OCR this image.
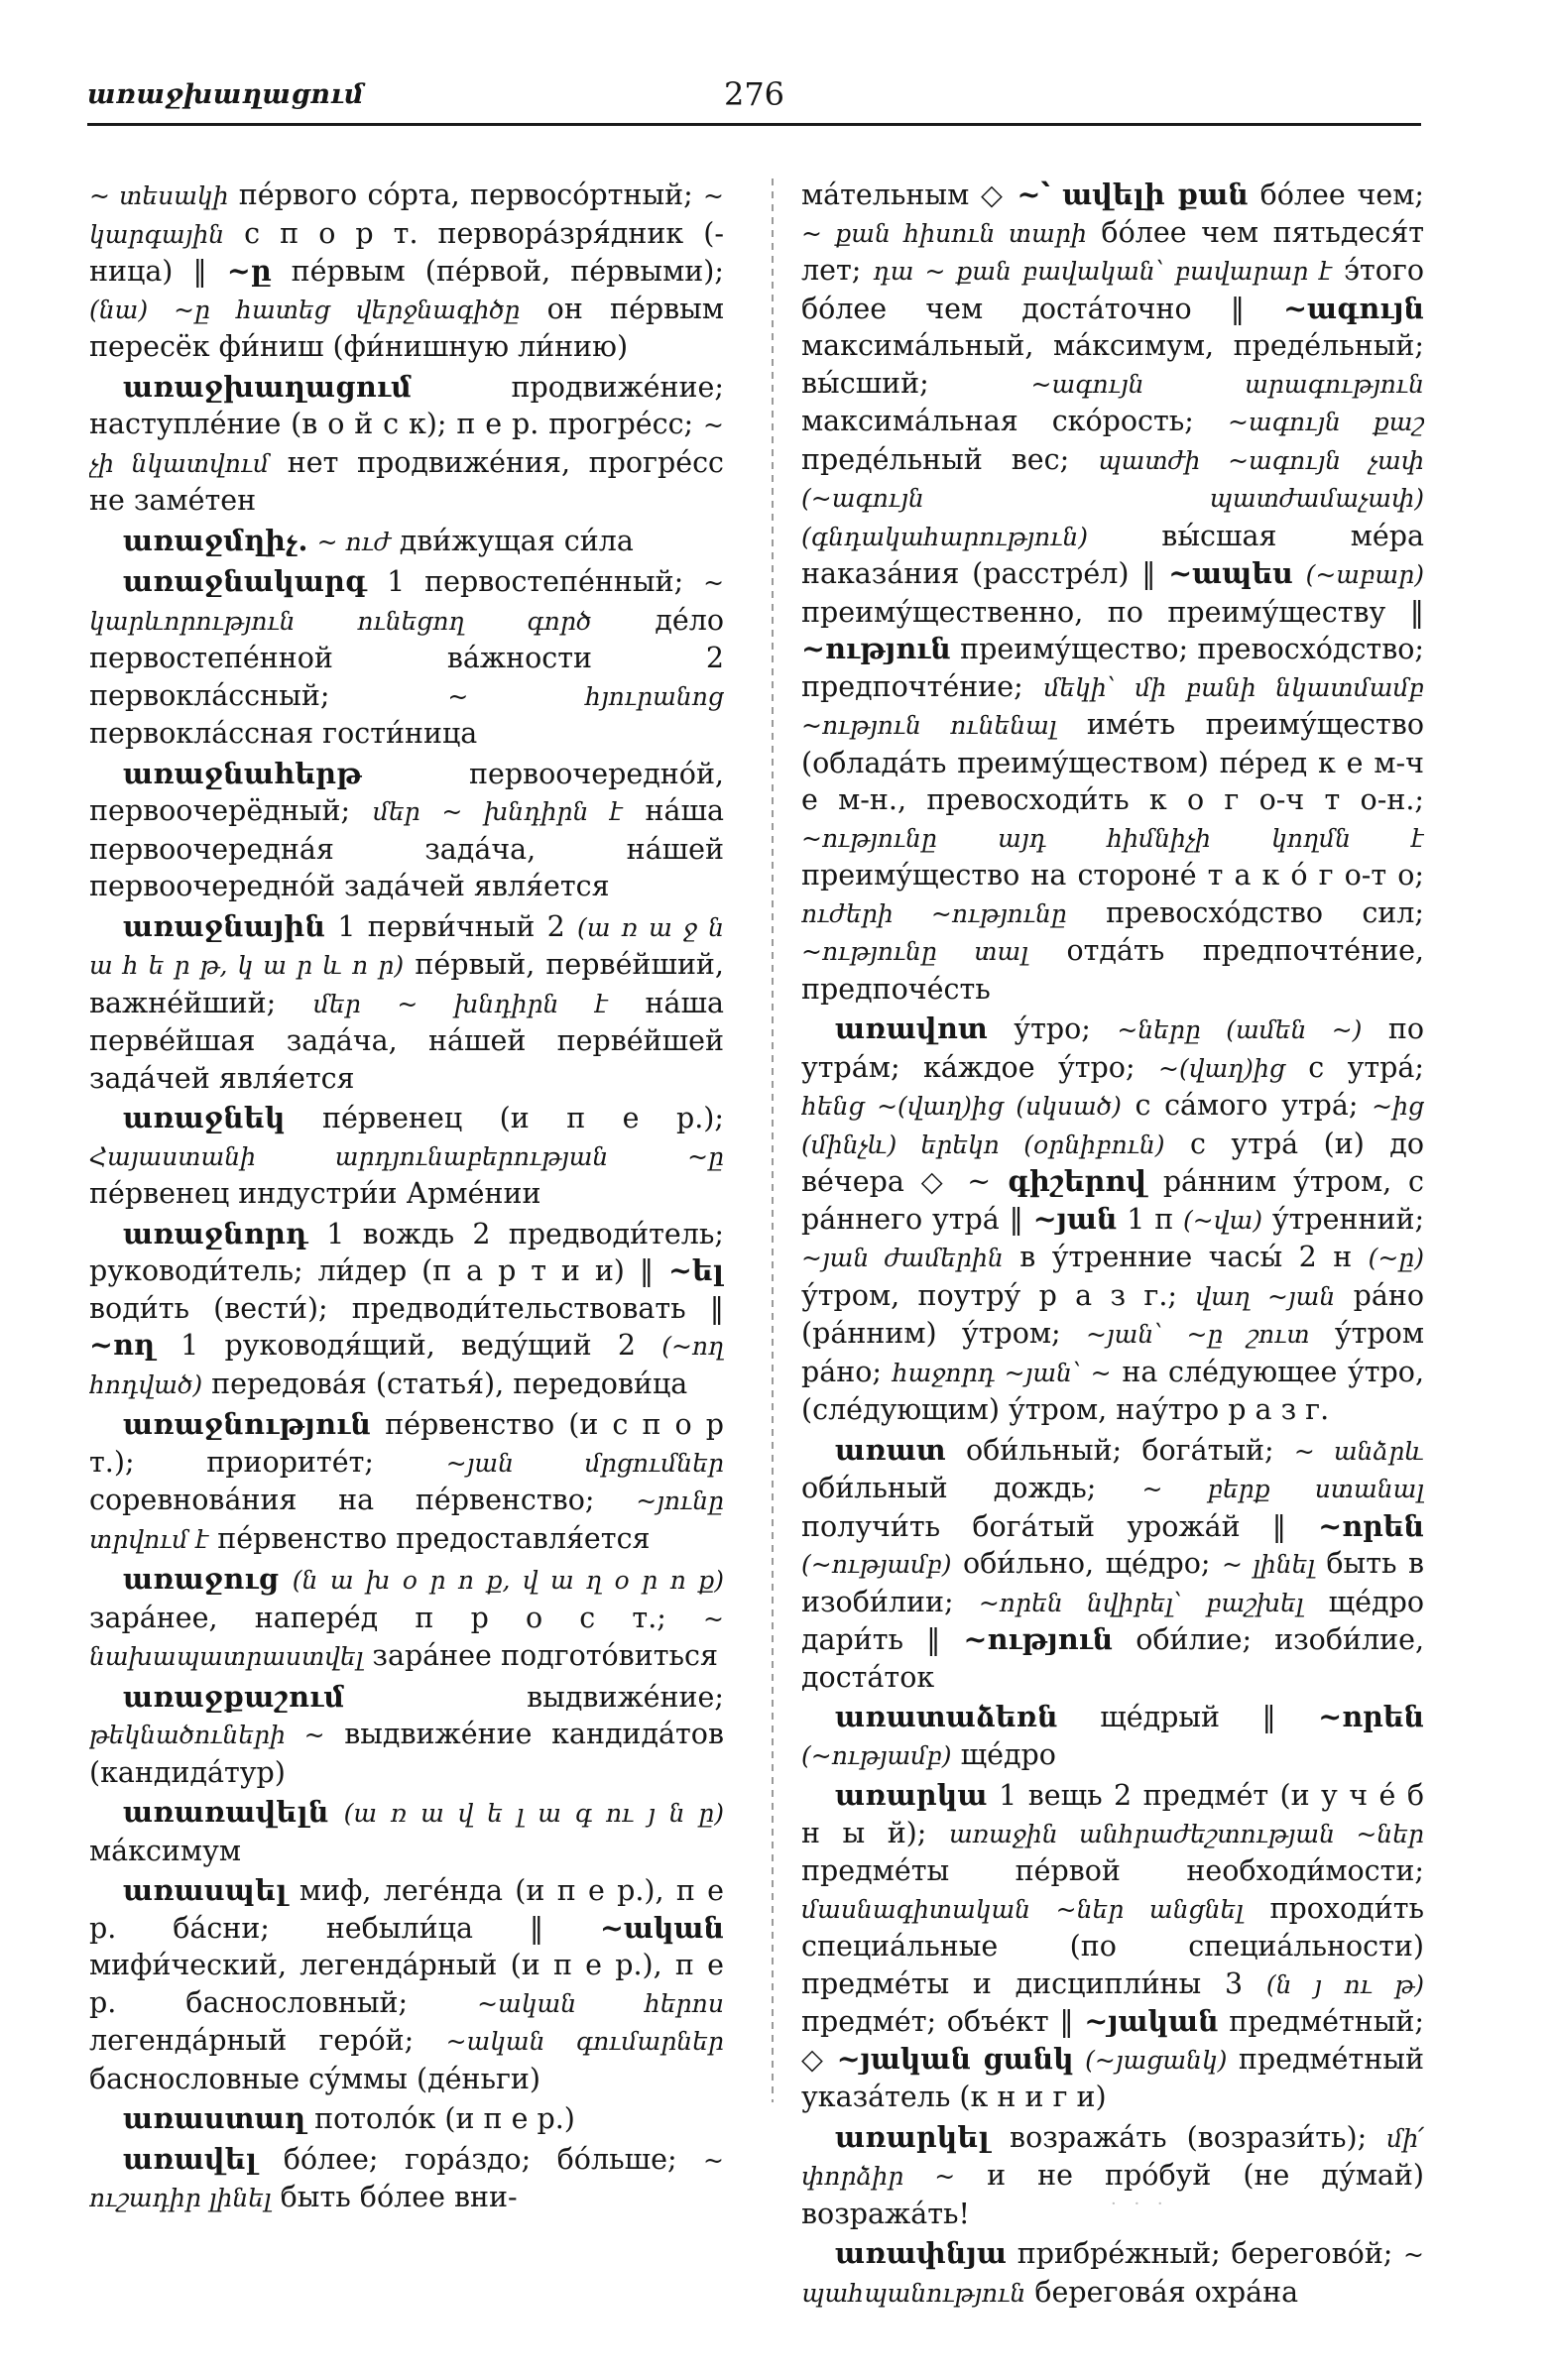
առաջխաղացում	276

~ տեսակի пе́рвого со́рта, первосо́ртный; ~ կարգային с п о р т. первора́зря́дник (-ница) ‖ ~ը пе́рвым (пе́рвой, пе́рвыми); (նա) ~ը հատեց վերջնագիծը он пе́рвым пересёк фи́ниш (фи́нишную ли́нию)

առաջխաղացում	продвиже́ние; наступле́ние (в о й с к); п е р. прогре́сс; ~ չի նկատվում нет продвиже́ния, прогре́сс не заме́тен

առաջմղիչ. ~ ուժ дви́жущая си́ла

առաջնակարգ 1 первостепе́нный; ~ կարևորություն ունեցող գործ де́ло первостепе́нной ва́жности 2 первокла́ссный;	~ հյուրանոց первокла́ссная гости́ница

առաջնահերթ	первоочередно́й, первоочерёдный; մեր ~ խնդիրն է на́ша первоочередна́я зада́ча, на́шей первоочередно́й зада́чей явля́ется

առաջնային 1 перви́чный 2 (ա ռ ա ջ ն ա հ ե ր թ, կ ա ր և ո ր) пе́рвый, перве́йший, важне́йший; մեր ~ խնդիրն է на́ша перве́йшая зада́ча, на́шей перве́йшей зада́чей явля́ется

առաջնեկ пе́рвенец (и п е р.); Հայաստանի արդյունաբերության ~ը пе́рвенец индустри́и Арме́нии

առաջնորդ 1 вождь 2 предводи́тель; руководи́тель; ли́дер (п а р т и и) ‖ ~ել води́ть (вести́); предводи́тельствовать ‖ ~ող 1 руководя́щий, веду́щий 2 (~ող հոդված) передова́я (статья́), передови́ца

առաջնություն пе́рвенство (и с п о р т.); приорите́т;	~յան մրցումներ соревнова́ния на пе́рвенство; ~յունը տրվում է пе́рвенство предоставля́ется

առաջուց (ն ա խ օ ր ո ք, վ ա ղ օ ր ո ք) зара́нее, напере́д п р о с т.; ~ նախապատրաստվել зара́нее подгото́виться

առաջքաշում	выдвиже́ние; թեկնածուների ~ выдвиже́ние кандида́тов (кандида́тур)

առառավելն (ա ռ ա վ ե լ ա գ ու յ ն ը) ма́ксимум

առասպել миф, леге́нда (и п е р.), п е р. ба́сни; небыли́ца ‖ ~ական мифи́ческий, легенда́рный (и п е р.), п е р. баснословный;	~ական հերոս легенда́рный геро́й; ~ական գումարներ баснословные су́ммы (де́ньги)

առաստաղ потоло́к (и п е р.)

առավել бо́лее; гора́здо; бо́льше; ~ ուշադիր լինել быть бо́лее вни-

ма́тельным ◇ ~՝ ավելի քան бо́лее чем; ~ քան հիսուն տարի бо́лее чем пятьдеся́т лет; դա ~ քան բավական՝ բավարար է э́того бо́лее чем доста́точно ‖ ~ագույն максима́льный, ма́ксимум, преде́льный; вы́сший;	~ագույն արագություն максима́льная ско́рость; ~ագույն քաշ преде́льный вес; պատժի ~ագույն չափ (~ագույն պատժամաչափ) (գնդակահարություն)	вы́сшая ме́ра наказа́ния (расстре́л) ‖ ~ապես (~աբար) преиму́щественно, по преиму́ществу ‖ ~ություն преиму́щество; превосхо́дство; предпочте́ние; մեկի՝ մի բանի նկատմամբ ~ություն ունենալ име́ть преиму́щество (облада́ть преиму́ществом) пе́ред к е м-ч е м-н., превосходи́ть к о г о-ч т о-н.; ~ությունը այդ հիմնիչի կողմն է преиму́щество на стороне́ т а к о́ г о-т о; ուժերի ~ությունը превосхо́дство сил; ~ությունը տալ отда́ть предпочте́ние, предпоче́сть

առավոտ у́тро; ~ները (ամեն ~) по утра́м; ка́ждое у́тро; ~(վաղ)ից с утра́; հենց ~(վաղ)ից (սկսած) с са́мого утра́; ~ից (մինչև) երեկո (օրնիբուն) с утра́ (и) до ве́чера ◇ ~ գիշերով ра́нним у́тром, с ра́ннего утра́ ‖ ~յան 1 п (~վա) у́тренний; ~յան ժամերին в у́тренние часы́ 2 н (~ը) у́тром, поутру́ р а з г.; վաղ ~յան ра́но (ра́нним) у́тром; ~յան՝ ~ը շուտ у́тром ра́но; հաջորդ ~յան՝ ~ на сле́дующее у́тро, (сле́дующим) у́тром, нау́тро р а з г.

առատ оби́льный; бога́тый; ~ անձրև оби́льный дождь; ~ բերք ստանալ получи́ть бога́тый урожа́й ‖ ~որեն (~ությամբ) оби́льно, ще́дро; ~ լինել быть в изоби́лии; ~որեն նվիրել՝ բաշխել ще́дро дари́ть ‖ ~ություն оби́лие; изоби́лие, доста́ток

առատաձեռն ще́дрый ‖ ~որեն (~ությամբ) ще́дро

առարկա 1 вещь 2 предме́т (и у ч е́ б н ы й); առաջին անհրաժեշտության ~ներ предме́ты пе́рвой необходи́мости; մասնագիտական ~ներ անցնել проходи́ть специа́льные (по специа́льности) предме́ты и дисципли́ны 3 (ն յ ու թ) предме́т; объе́кт ‖ ~յական предме́тный; ◇ ~յական ցանկ (~յացանկ) предме́тный указа́тель (к н и г и)

առարկել возража́ть (возрази́ть); մի՛ փորձիր ~ и не про́буй (не ду́май) возража́ть!

առափնյա прибре́жный; берегово́й; ~ պահպանություն берегова́я охра́на

· · ·
